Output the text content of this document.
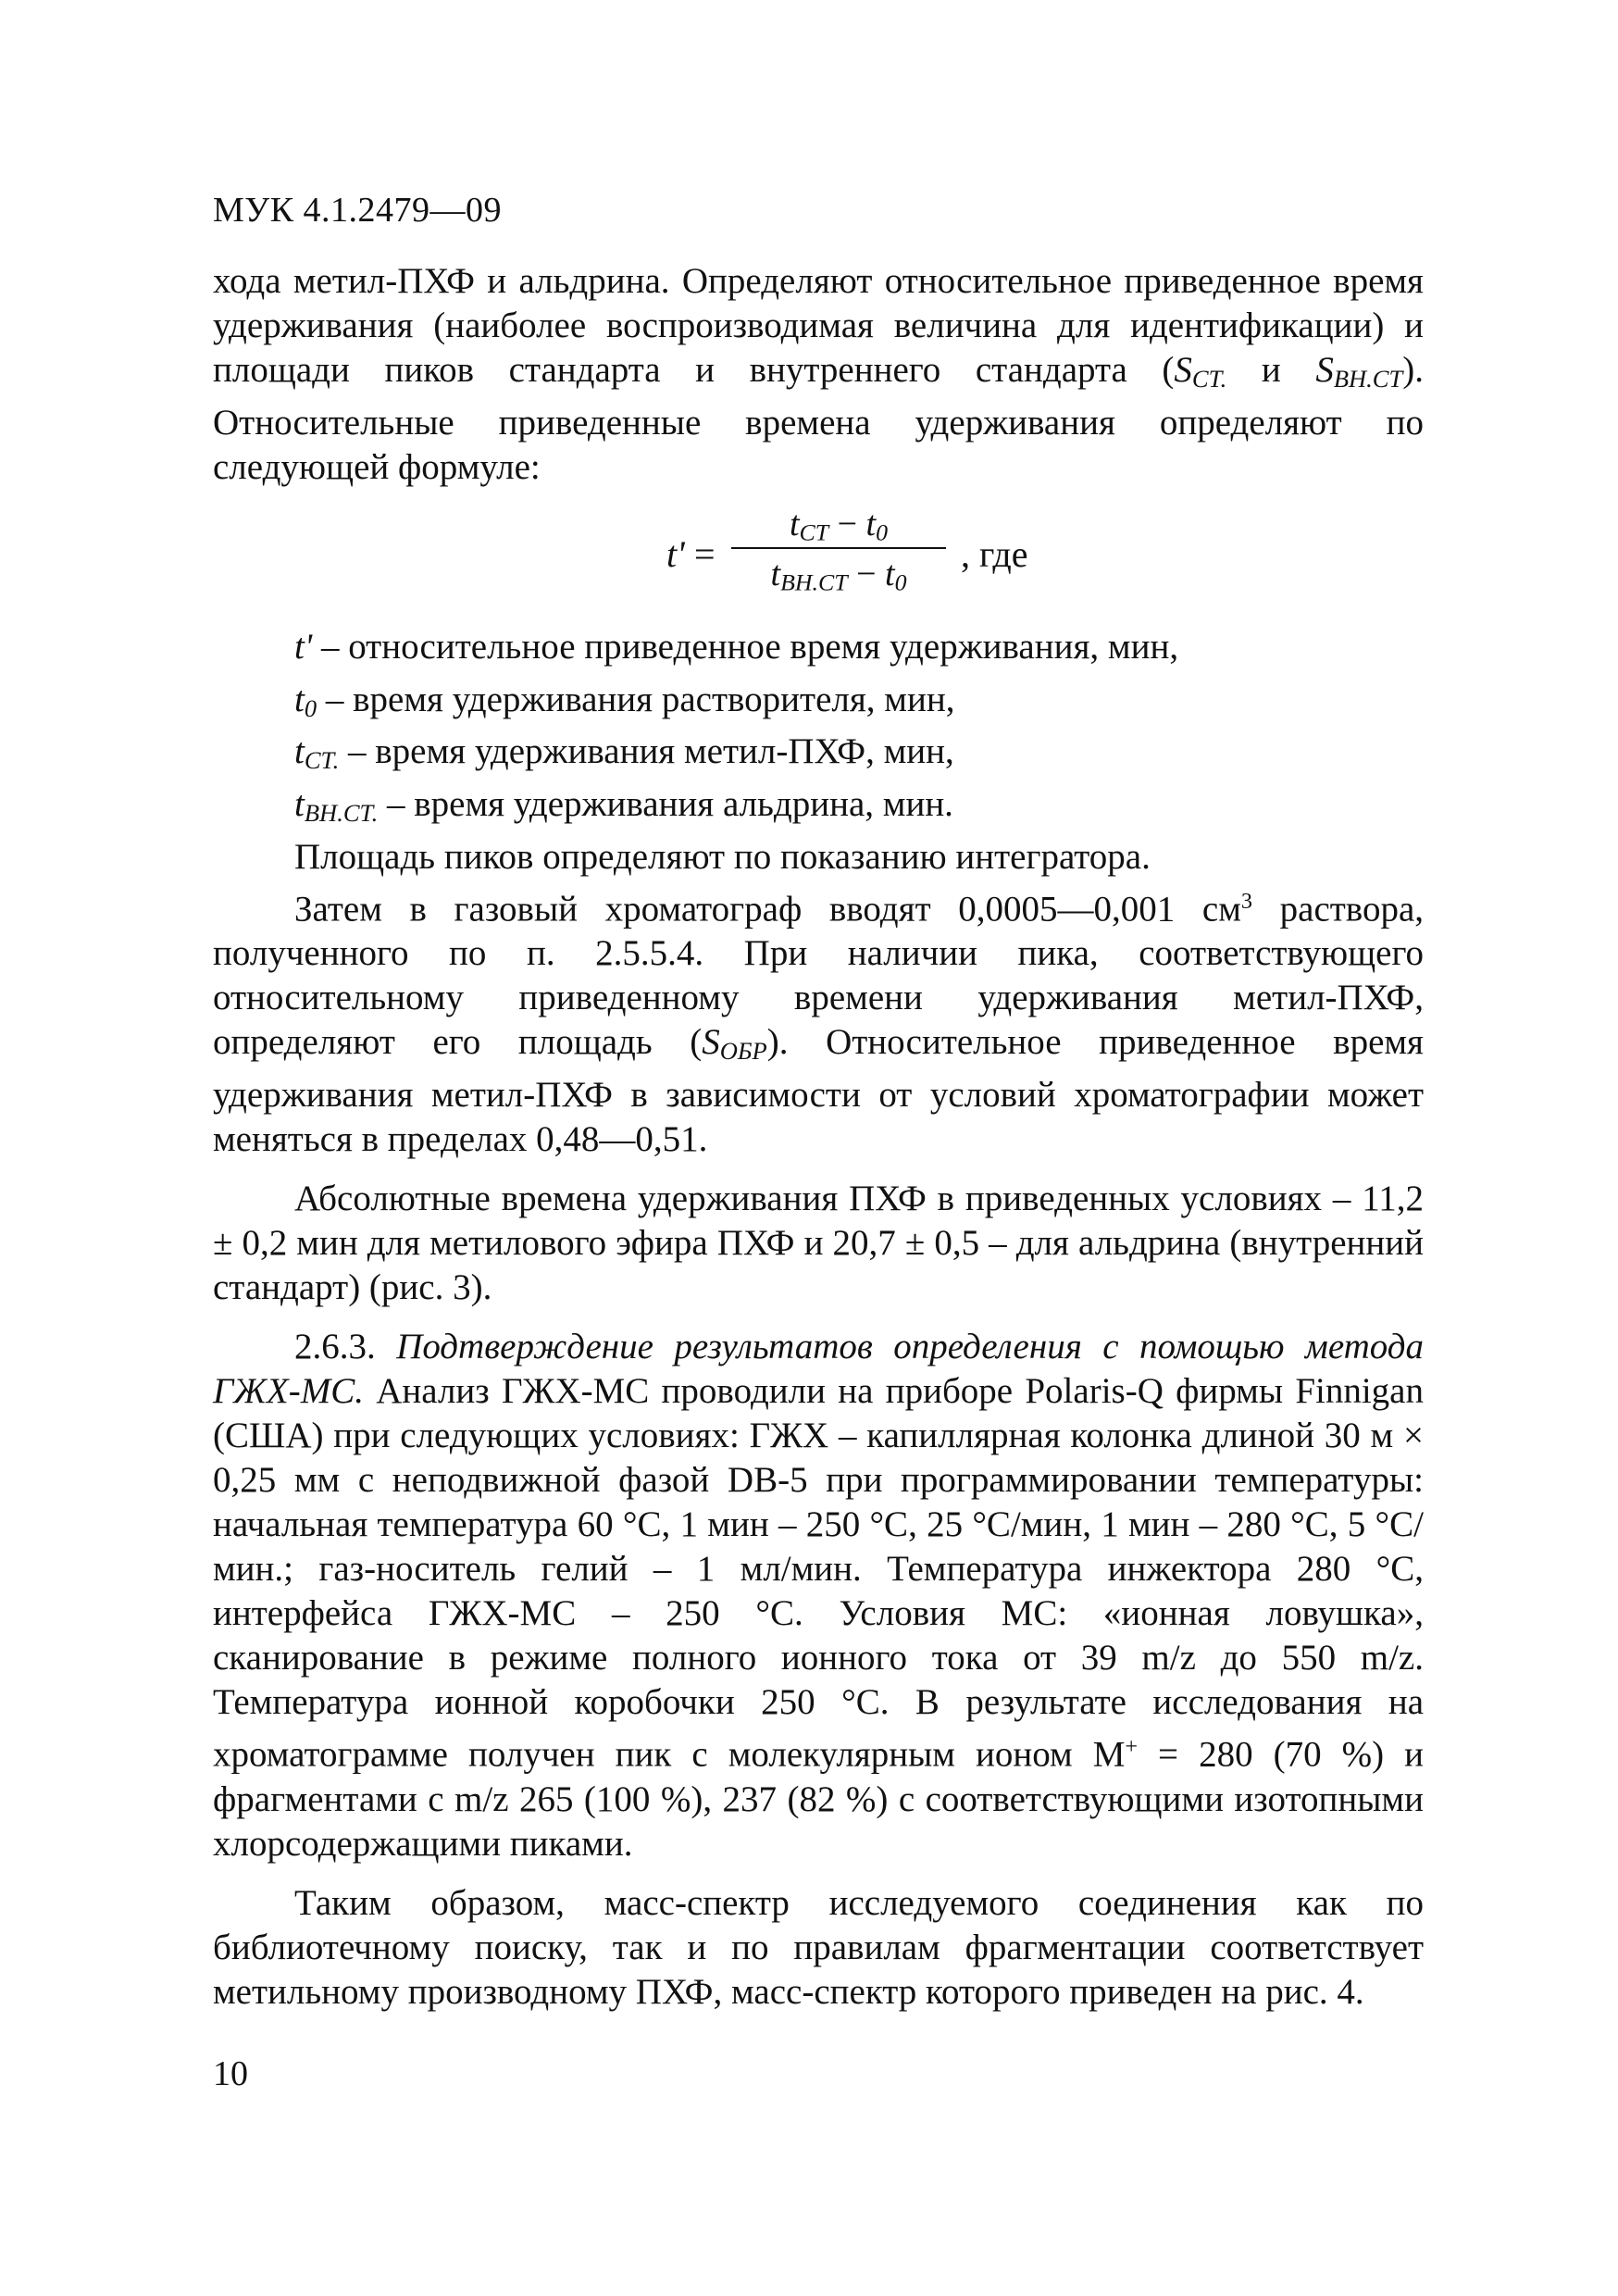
МУК 4.1.2479—09

хода метил-ПХФ и альдрина. Определяют относительное приведенное время удерживания (наиболее воспроизводимая величина для идентификации) и площади пиков стандарта и внутреннего стандарта ($S_{СТ.}$ и $S_{ВН.СТ}$). Относительные приведенные времена удерживания определяют по следующей формуле:

t' =
$t_{СТ} - t_0$
$t_{ВН.СТ} - t_0$
, где

t' – относительное приведенное время удерживания, мин,

$t_0$ – время удерживания растворителя, мин,

$t_{СТ.}$ – время удерживания метил-ПХФ, мин,

$t_{ВН.СТ.}$ – время удерживания альдрина, мин.

Площадь пиков определяют по показанию интегратора.

Затем в газовый хроматограф вводят 0,0005—0,001 $см^3$ раствора, полученного по п. 2.5.5.4. При наличии пика, соответствующего относительному приведенному времени удерживания метил-ПХФ, определяют его площадь $(S_{ОБР})$. Относительное приведенное время удерживания метил-ПХФ в зависимости от условий хроматографии может меняться в пределах 0,48—0,51.

Абсолютные времена удерживания ПХФ в приведенных условиях – 11,2 ± 0,2 мин для метилового эфира ПХФ и 20,7 ± 0,5 – для альдрина (внутренний стандарт) (рис. 3).

2.6.3. Подтверждение результатов определения с помощью метода ГЖХ-МС. Анализ ГЖХ-МС проводили на приборе Polaris-Q фирмы Finnigan (США) при следующих условиях: ГЖХ – капиллярная колонка длиной 30 м × 0,25 мм с неподвижной фазой DB-5 при программировании температуры: начальная температура 60 °С, 1 мин – 250 °С, 25 °С/мин, 1 мин – 280 °С, 5 °С/мин.; газ-носитель гелий – 1 мл/мин. Температура инжектора 280 °С, интерфейса ГЖХ-МС – 250 °С. Условия МС: «ионная ловушка», сканирование в режиме полного ионного тока от 39 m/z до 550 m/z. Температура ионной коробочки 250 °С. В результате исследования на хроматограмме получен пик с молекулярным ионом М+ = 280 (70 %) и фрагментами с m/z 265 (100 %), 237 (82 %) с соответствующими изотопными хлорсодержащими пиками.

Таким образом, масс-спектр исследуемого соединения как по библиотечному поиску, так и по правилам фрагментации соответствует метильному производному ПХФ, масс-спектр которого приведен на рис. 4.

10
